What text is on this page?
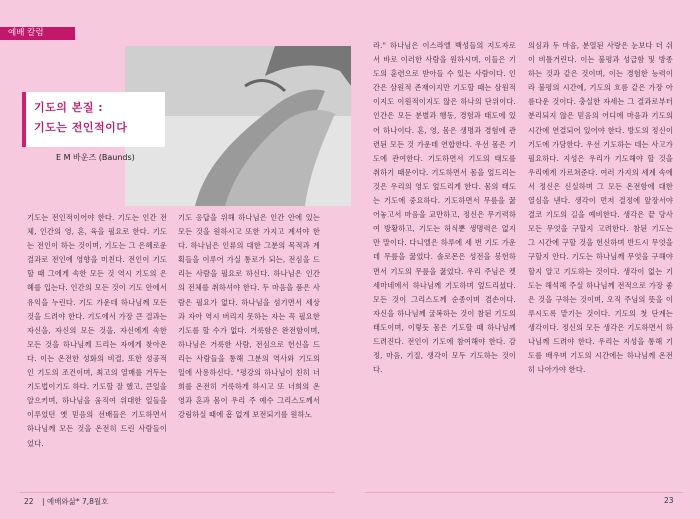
예배 칼럼
기도의 본질 :
기도는 전인적이다
E M 바운즈 (Baunds)

기도는 전인적이어야 한다. 기도는 인간 전체, 인간의 영, 혼, 육을 필요로 한다. 기도는 전인이 하는 것이며, 기도는 그 은혜로운 결과로 전인에 영향을 미친다. 전인이 기도할 때 그에게 속한 모든 것 역시 기도의 은혜를 입는다. 인간의 모든 것이 기도 안에서 유익을 누린다. 기도 가운데 하나님께 모든 것을 드려야 한다. 기도에서 가장 큰 결과는 자신을, 자신의 모든 것을, 자신에게 속한 모든 것을 하나님께 드리는 자에게 찾아온다. 이는 온전한 성화의 비결, 또한 성공적인 기도의 조건이며, 최고의 열매를 거두는 기도법이기도 하다. 기도할 잘 했고, 큰일을 알으키며, 하나님을 움직여 위대한 일들을 이루었던 옛 믿음의 선배들은 기도하면서 하나님께 모든 것을 온전히 드린 사람들이었다.

기도 응답을 위해 하나님은 인간 안에 있는 모든 것을 원하시고 또한 가지고 계셔야 한다. 하나님은 인류의 대한 그분의 목적과 계획들을 이루어 가실 통로가 되는, 전심을 드리는 사람을 필요로 하신다. 하나님은 인간의 전체를 취하셔야 한다. 두 마음을 품은 사람은 필요가 없다. 하나님을 섬기면서 세상과 자아 역시 버리지 못하는 자는 꼭 필요한 기도를 할 수가 없다. 거룩함은 완전함이며, 하나님은 거룩한 사람, 전심으로 헌신을 드리는 사람들을 통해 그분의 역사와 기도의 일에 사용하신다. "평강의 하나님이 친히 너희를 온전히 거룩하게 하시고 또 너희의 온 영과 혼과 몸이 우리 주 예수 그리스도께서 강림하실 때에 흠 없게 보전되기를 원하노

라." 하나님은 이스라엘 백성들의 지도자로서 바로 이러한 사람을 원하시며, 이들은 기도의 훈련으로 받아들 수 있는 사람이다. 인간은 삼원적 존재이지만 기도할 때는 삼원적이지도 이원적이지도 않은 하나의 단위이다. 인간은 모든 분별과 행동, 경험과 태도에 있어 하나이다. 혼, 영, 몸은 생명과 경험에 관련된 모든 것 가운데 연합한다. 우선 몸은 기도에 관여한다. 기도하면서 기도의 태도를 취하기 때문이다. 기도하면서 몸을 엎드리는 것은 우리의 영도 엎드리게 한다. 몸의 태도는 기도에 중요하다. 기도하면서 무릎을 꿇어놓고서 마음을 교만하고, 정신은 무기력하여 방황하고, 기도는 허식뿐 생명력은 없지만 말이다. 다니엘은 하루에 세 번 기도 가운데 무릎을 꿇었다. 솔로몬은 성전을 봉헌하면서 기도의 무릎을 꿇었다. 우리 주님은 켓세마네에서 하나님께 기도하며 엎드리셨다. 모든 것이 그리스도께 순종이며 겸손이다. 자신을 하나님께 굴복하는 것이 참된 기도의 태도이며, 이렇듯 몸은 기도할 때 하나님께 드려진다. 전인이 기도에 참여해야 한다. 감정, 마음, 기질, 생각이 모두 기도하는 것이다.

의심과 두 마음, 분열된 사랑은 눈보다 더 쉬이 비틀거린다. 이는 불평과 성급함 및 방종하는 것과 같은 것이며, 이는 경험한 능력이라 불평의 시간에, 기도의 흐름 같은 가장 아름다운 것이다. 충실한 자세는 그 결과로부터 분리되지 않은 믿음의 어디에 마음과 기도의 시간에 연결되어 있어야 한다. 방도의 정신이 기도에 가담한다. 우선 기도하는 데는 사고가 필요하다. 지성은 우리가 기도해야 할 것을 우리에게 가르쳐준다. 여러 가지의 세계 속에서 정신은 신실하며 그 모든 온전함에 대한 열심을 낸다. 생각이 먼저 결정에 앞장서야 결코 기도의 길을 예비한다. 생각은 끝 당사 모든 무엇을 구할지 고려한다. 참된 기도는 그 시간에 구할 것을 헌신하며 반드시 무엇을 구할지 안다. 기도는 하나님께 무엇을 구해야 할지 알고 기도하는 것이다. 생각이 없는 기도는 해석해 주실 하나님께 전적으로 가장 좋은 것을 구하는 것이며, 오직 주님의 뜻을 이루시도록 맡기는 것이다. 기도의 첫 단계는 생각이다. 정신의 모든 생각은 기도하면서 하나님께 드려야 한다. 우리는 지성을 통해 기도를 배우며 기도의 시간에는 하나님께 온전히 나아가야 한다.

22 | 예배와삶* 7,8월호	23
